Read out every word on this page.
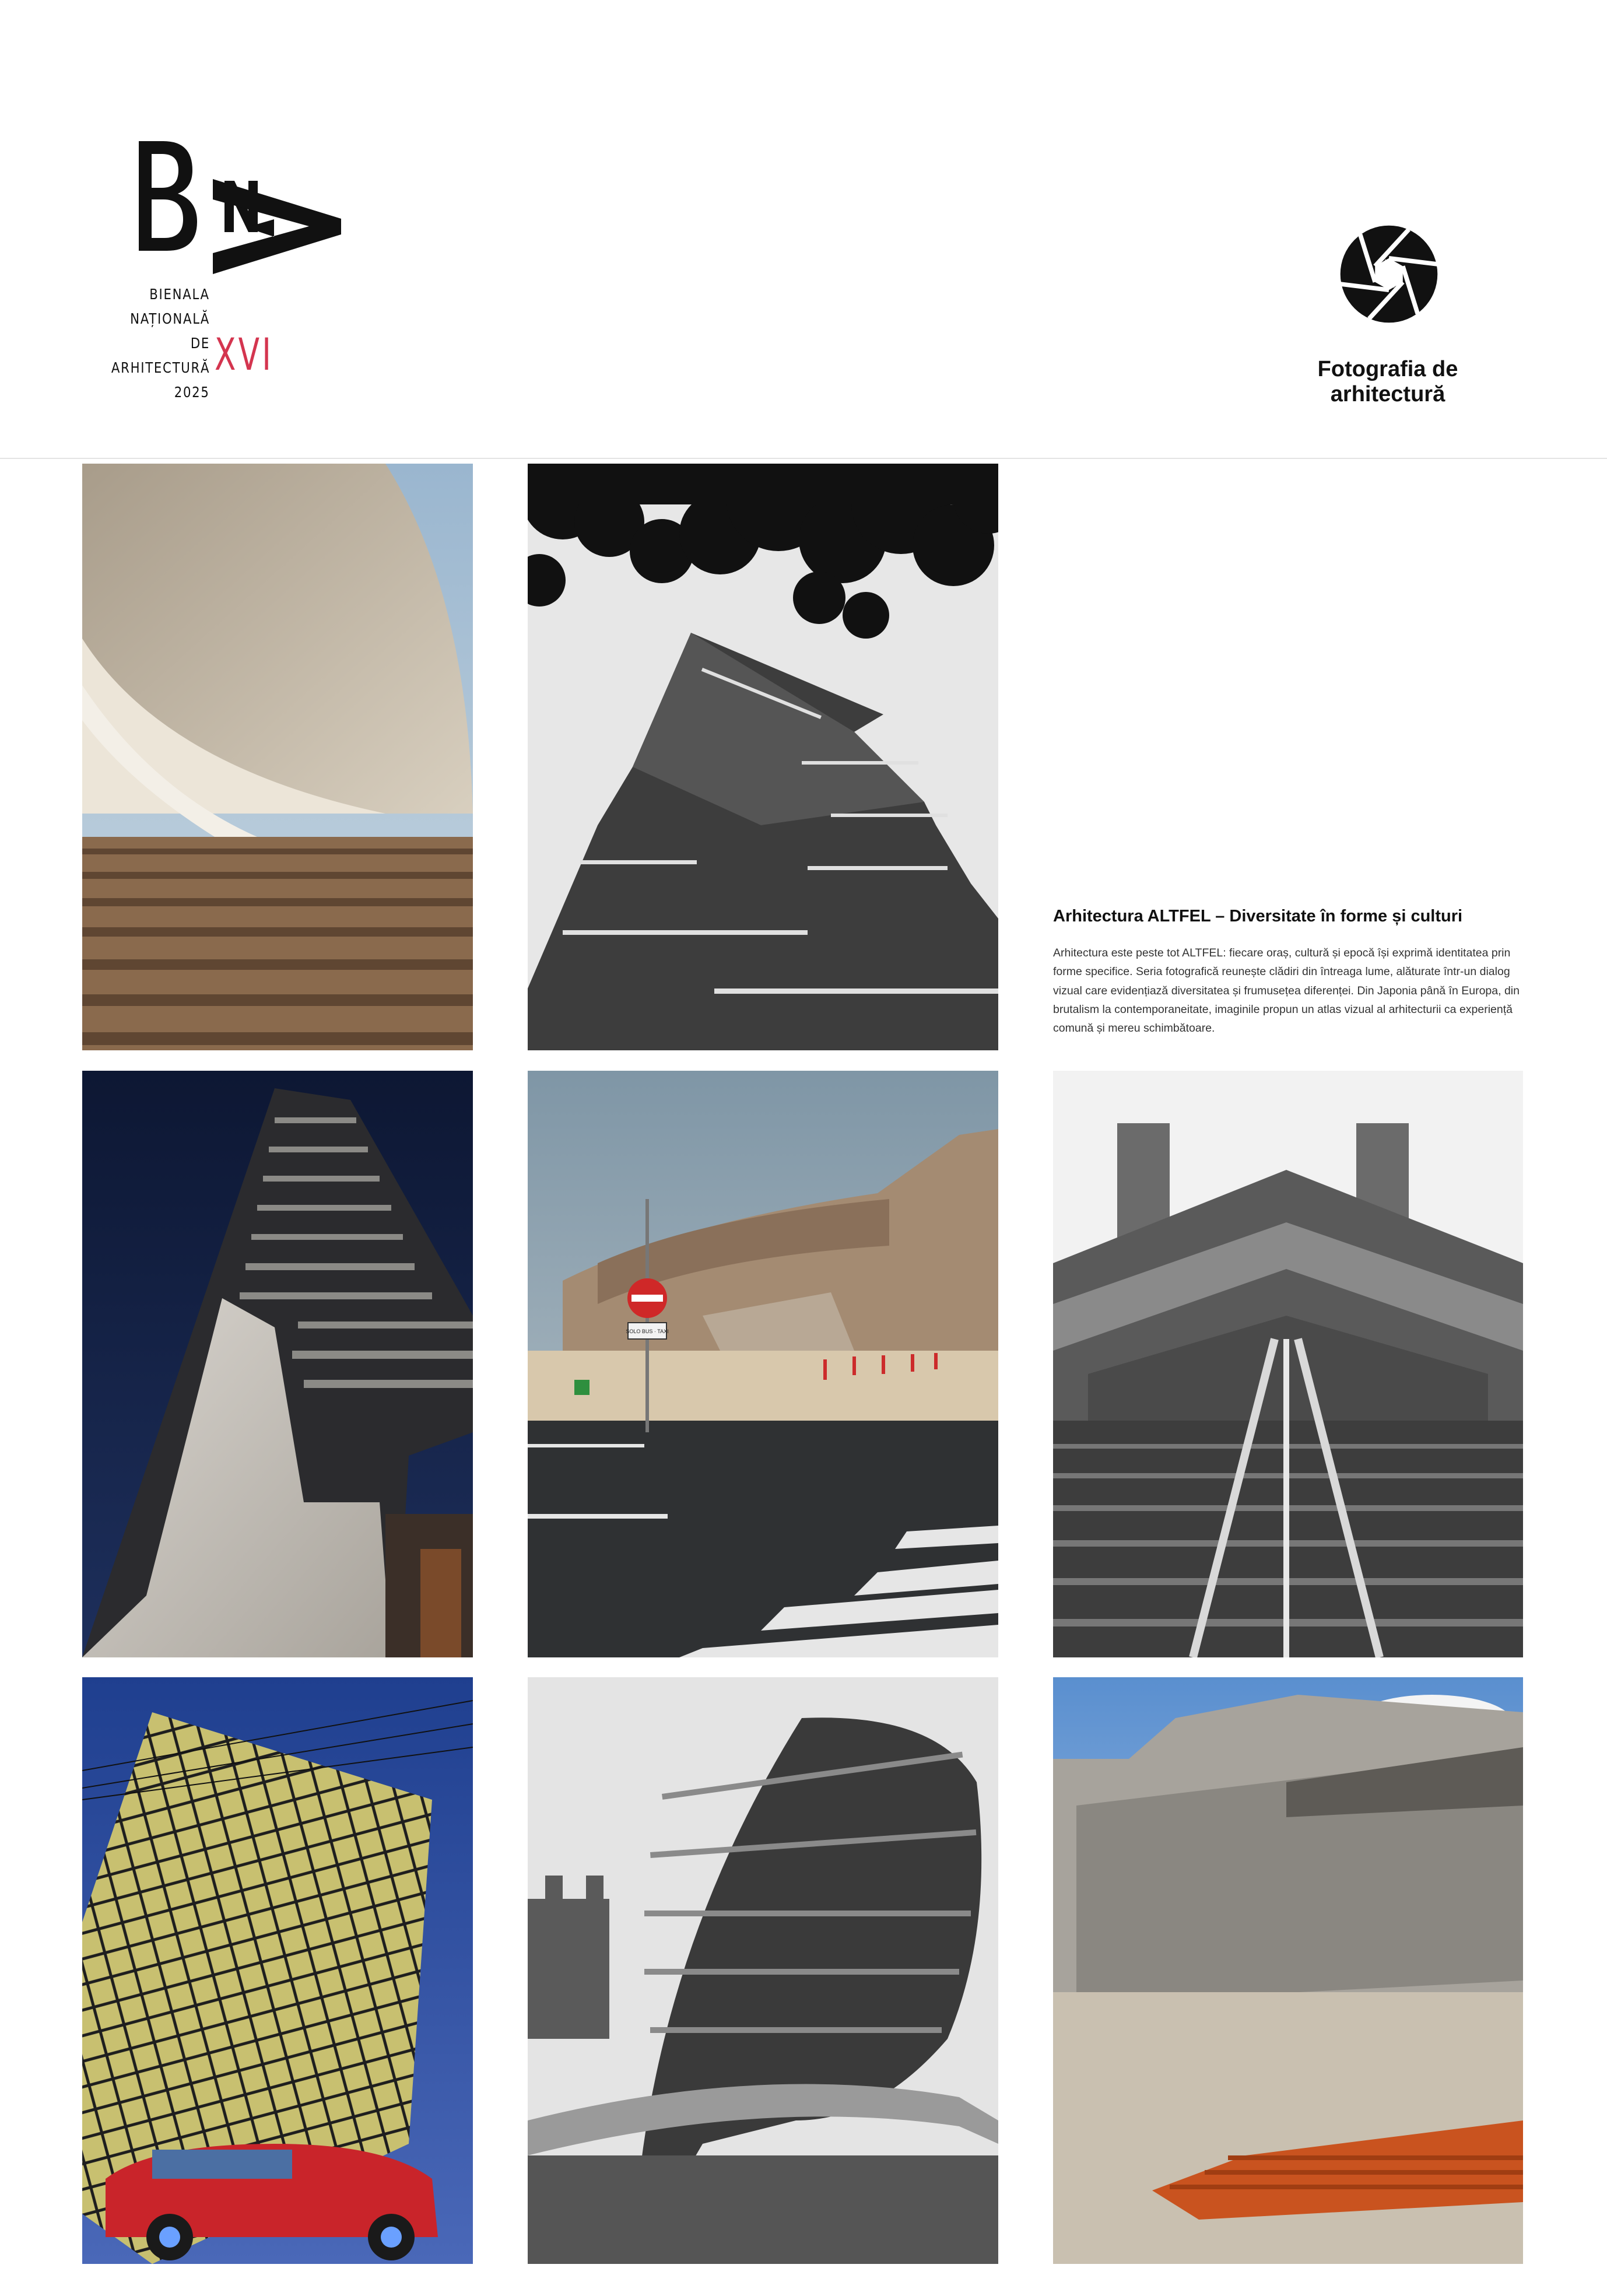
BIENALA
NAȚIONALĂ
DE
ARHITECTURĂ
2025
XVI	Fotografia de arhitectură
SOLO BUS · TAXI
Arhitectura ALTFEL – Diversitate în forme și culturi

Arhitectura este peste tot ALTFEL: fiecare oraș, cultură și epocă își exprimă identitatea prin forme specifice. Seria fotografică reunește clădiri din întreaga lume, alăturate într-un dialog vizual care evidențiază diversitatea și frumusețea diferenței. Din Japonia până în Europa, din brutalism la contemporaneitate, imaginile propun un atlas vizual al arhitecturii ca experiență comună și mereu schimbătoare.
